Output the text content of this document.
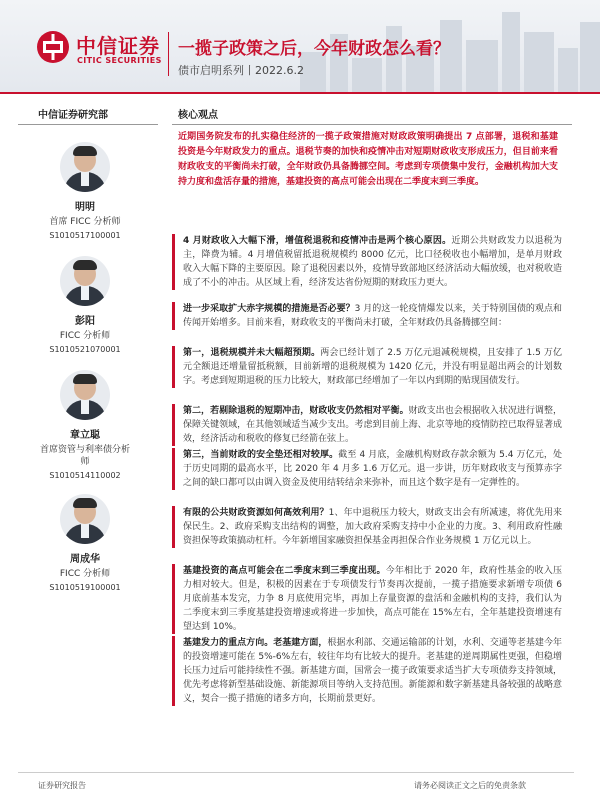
中信证券
CITIC SECURITIES
一揽子政策之后，今年财政怎么看？
债市启明系列丨2022.6.2
中信证券研究部
明明
首席 FICC 分析师
S1010517100001
彭阳
FICC 分析师
S1010521070001
章立聪
首席资管与利率债分析师
S1010514110002
周成华
FICC 分析师
S1010519100001
核心观点

近期国务院发布的扎实稳住经济的一揽子政策措施对财政政策明确提出 7 点部署，退税和基建投资是今年财政发力的重点。退税节奏的加快和疫情冲击对短期财政收支形成压力，但目前来看财政收支的平衡尚未打破，全年财政仍具备腾挪空间。考虑到专项债集中发行，金融机构加大支持力度和盘活存量的措施，基建投资的高点可能会出现在二季度末到三季度。

4 月财政收入大幅下滑，增值税退税和疫情冲击是两个核心原因。近期公共财政发力以退税为主，降费为辅。4 月增值税留抵退税规模约 8000 亿元，比口径税收也小幅增加，是单月财政收入大幅下降的主要原因。除了退税因素以外，疫情导致部地区经济活动大幅放缓，也对税收造成了不小的冲击。从区域上看，经济发达省份短期的财政压力更大。

进一步采取扩大赤字规模的措施是否必要？3 月的这一轮疫情爆发以来，关于特别国债的观点和传闻开始增多。目前来看，财政收支的平衡尚未打破，全年财政仍具备腾挪空间：

第一，退税规模并未大幅超预期。两会已经计划了 2.5 万亿元退减税规模，且安排了 1.5 万亿元全额退还增量留抵税额，目前新增的退税规模为 1420 亿元，并没有明显超出两会的计划数字。考虑到短期退税的压力比较大，财政部已经增加了一年以内到期的贴现国债发行。

第二，若剔除退税的短期冲击，财政收支仍然相对平衡。财政支出也会根据收入状况进行调整，保障关键领域，在其他领域适当减少支出。考虑到目前上海、北京等地的疫情防控已取得显著成效，经济活动和税收的修复已经箭在弦上。

第三，当前财政的安全垫还相对较厚。截至 4 月底，金融机构财政存款余额为 5.4 万亿元，处于历史同期的最高水平，比 2020 年 4 月多 1.6 万亿元。退一步讲，历年财政收支与预算赤字之间的缺口都可以由调入资金及使用结转结余来弥补，而且这个数字是有一定弹性的。

有限的公共财政资源如何高效利用？1、年中退税压力较大，财政支出会有所减速，将优先用来保民生。2、政府采购支出结构的调整，加大政府采购支持中小企业的力度。3、利用政府性融资担保等政策搞动杠杆。今年新增国家融资担保基金再担保合作业务规模 1 万亿元以上。

基建投资的高点可能会在二季度末到三季度出现。今年相比于 2020 年，政府性基金的收入压力相对较大。但是，积极的因素在于专项债发行节奏再次提前，一揽子措施要求新增专项债 6 月底前基本发完，力争 8 月底使用完毕，再加上存量资源的盘活和金融机构的支持，我们认为二季度末到三季度基建投资增速或将进一步加快，高点可能在 15%左右，全年基建投资增速有望达到 10%。

基建发力的重点方向。老基建方面，根据水利部、交通运输部的计划，水利、交通等老基建今年的投资增速可能在 5%-6%左右，较往年均有比较大的提升。老基建的逆周期属性更强，但稳增长压力过后可能持续性不强。新基建方面，国常会一揽子政策要求适当扩大专项债券支持领域，优先考虑将新型基础设施、新能源项目等纳入支持范围。新能源和数字新基建具备较强的战略意义，契合一揽子措施的诸多方向，长期前景更好。

证券研究报告	请务必阅读正文之后的免责条款
